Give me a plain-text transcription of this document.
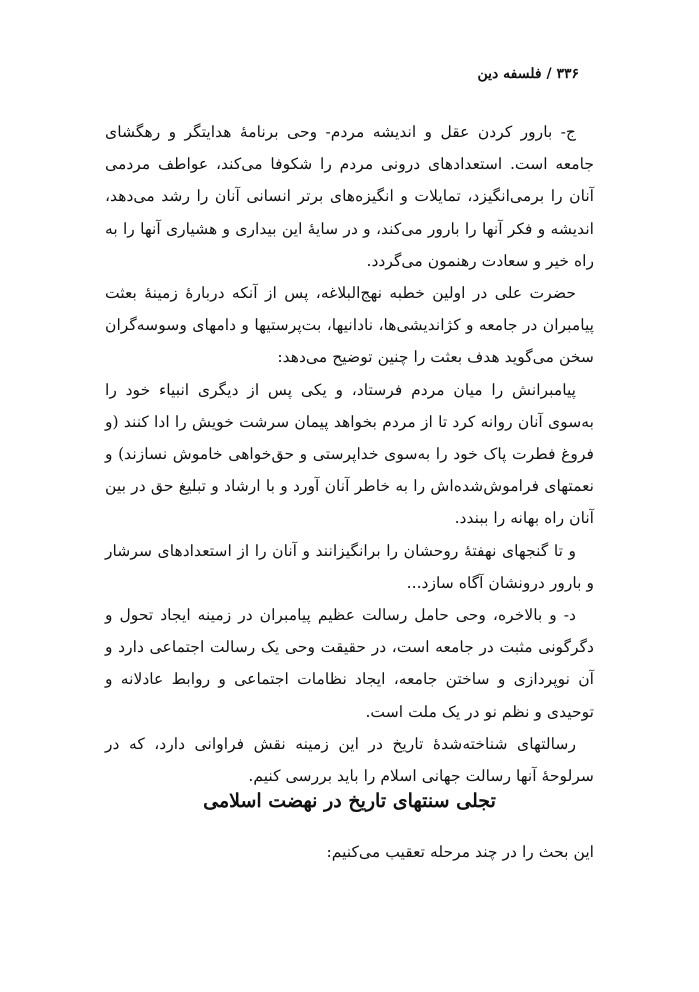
۳۳۶ / فلسفه دین

ج- بارور کردن عقل و اندیشه مردم- وحی برنامهٔ هدایتگر و رهگشای جامعه است. استعدادهای درونی مردم را شکوفا می‌کند، عواطف مردمی آنان را برمی‌انگیزد، تمایلات و انگیزه‌های برتر انسانی آنان را رشد می‌دهد، اندیشه و فکر آنها را بارور می‌کند، و در سایهٔ این بیداری و هشیاری آنها را به راه خیر و سعادت رهنمون می‌گردد.

حضرت علی در اولین خطبه نهج‌البلاغه، پس از آنکه دربارهٔ زمینهٔ بعثت پیامبران در جامعه و کژاندیشی‌ها، نادانیها، بت‌پرستیها و دامهای وسوسه‌گران سخن می‌گوید هدف بعثت را چنین توضیح می‌دهد:

پیامبرانش را میان مردم فرستاد، و یکی پس از دیگری انبیاء خود را به‌سوی آنان روانه کرد تا از مردم بخواهد پیمان سرشت خویش را ادا کنند (و فروغ فطرت پاک خود را به‌سوی خداپرستی و حق‌خواهی خاموش نسازند) و نعمتهای فراموش‌شده‌اش را به خاطر آنان آورد و با ارشاد و تبلیغ حق در بین آنان راه بهانه را ببندد.

و تا گنجهای نهفتهٔ روحشان را برانگیزانند و آنان را از استعدادهای سرشار و بارور درونشان آگاه سازد...

د- و بالاخره، وحی حامل رسالت عظیم پیامبران در زمینه ایجاد تحول و دگرگونی مثبت در جامعه است، در حقیقت وحی یک رسالت اجتماعی دارد و آن نوپردازی و ساختن جامعه، ایجاد نظامات اجتماعی و روابط عادلانه و توحیدی و نظم نو در یک ملت است.

رسالتهای شناخته‌شدهٔ تاریخ در این زمینه نقش فراوانی دارد، که در سرلوحهٔ آنها رسالت جهانی اسلام را باید بررسی کنیم.

تجلی سنتهای تاریخ در نهضت اسلامی
این بحث را در چند مرحله تعقیب می‌کنیم:
